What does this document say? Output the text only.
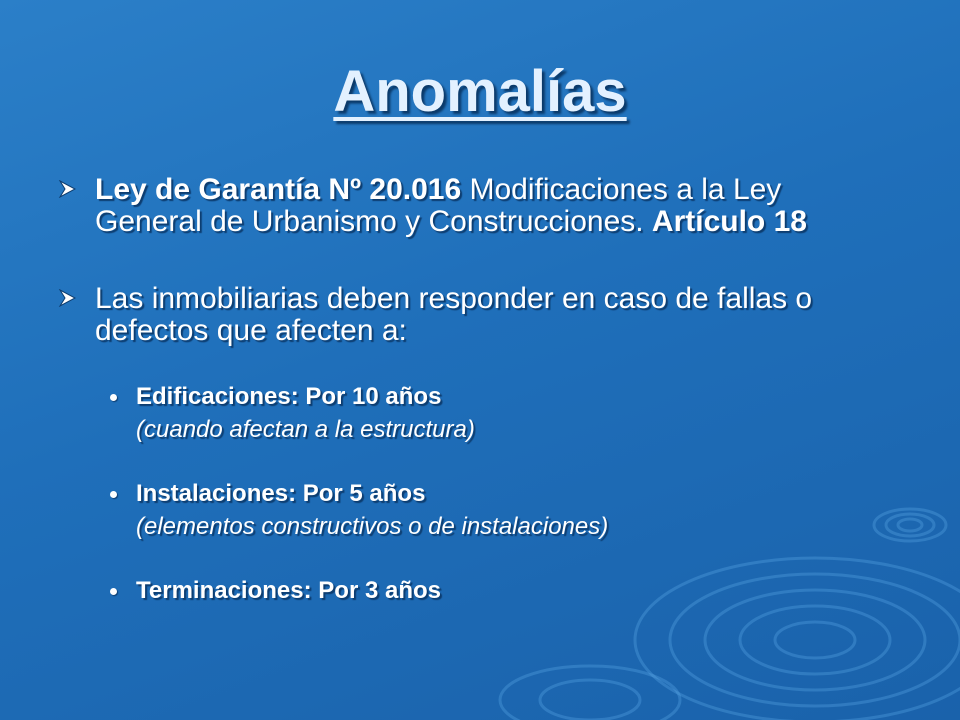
Anomalías
Ley de Garantía Nº 20.016 Modificaciones a la Ley General de Urbanismo y Construcciones. Artículo 18
Las inmobiliarias deben responder en caso de fallas o defectos que afecten a:
Edificaciones: Por 10 años
(cuando afectan a la estructura)
Instalaciones: Por 5 años
(elementos constructivos o de instalaciones)
Terminaciones: Por 3 años
